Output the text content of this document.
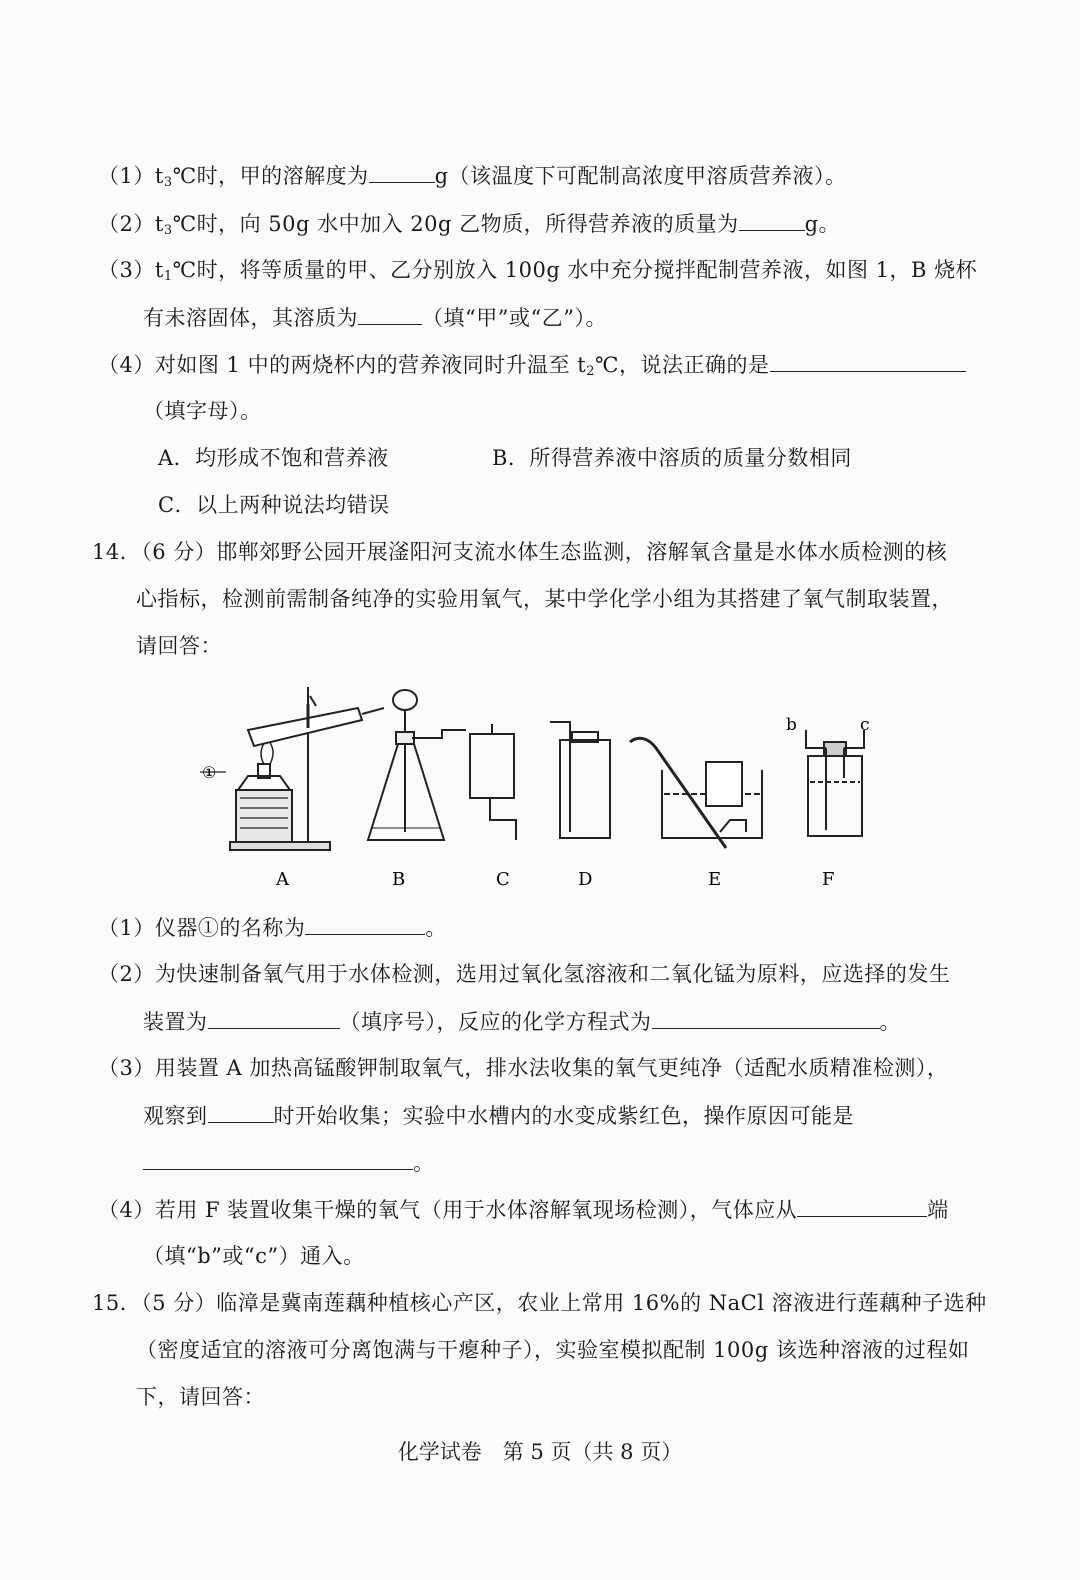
$(1)t_3℃$时，甲的溶解度为	g（该温度下可配制高浓度甲溶质营养液）。
$(2)t_3℃$时，向 50g 水中加入 20g 乙物质，所得营养液的质量为	g。
$(3)t_1℃$时，将等质量的甲、乙分别放入 100g 水中充分搅拌配制营养液，如图 1，B 烧杯
有未溶固体，其溶质为	（填“甲”或“乙”）。
（4）对如图 1 中的两烧杯内的营养液同时升温至 $t_2℃$，说法正确的是
（填字母）。
A．均形成不饱和营养液	B．所得营养液中溶质的质量分数相同
C．以上两种说法均错误
14．（6 分）邯郸郊野公园开展滏阳河支流水体生态监测，溶解氧含量是水体水质检测的核
心指标，检测前需制备纯净的实验用氧气，某中学化学小组为其搭建了氧气制取装置，
请回答：
①
b	c
A	B	C	D	E	F
（1）仪器①的名称为	。
（2）为快速制备氧气用于水体检测，选用过氧化氢溶液和二氧化锰为原料，应选择的发生
装置为	（填序号），反应的化学方程式为	。
（3）用装置 A 加热高锰酸钾制取氧气，排水法收集的氧气更纯净（适配水质精准检测），
观察到	时开始收集；实验中水槽内的水变成紫红色，操作原因可能是
。
（4）若用 F 装置收集干燥的氧气（用于水体溶解氧现场检测），气体应从	端
（填“b”或“c”）通入。
15．（5 分）临漳是冀南莲藕种植核心产区，农业上常用 16%的 NaCl 溶液进行莲藕种子选种
（密度适宜的溶液可分离饱满与干瘪种子），实验室模拟配制 100g 该选种溶液的过程如
下，请回答：
化学试卷　第 5 页（共 8 页）
